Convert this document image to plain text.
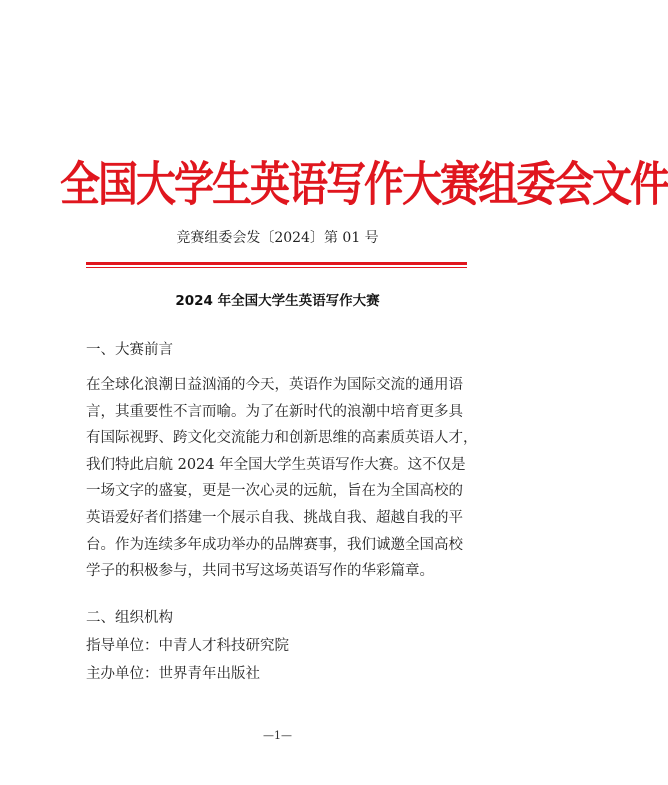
全国大学生英语写作大赛组委会文件
竞赛组委会发〔2024〕第 01 号
2024 年全国大学生英语写作大赛
一、大赛前言
在全球化浪潮日益汹涌的今天，英语作为国际交流的通用语
言，其重要性不言而喻。为了在新时代的浪潮中培育更多具
有国际视野、跨文化交流能力和创新思维的高素质英语人才，
我们特此启航 2024 年全国大学生英语写作大赛。这不仅是
一场文字的盛宴，更是一次心灵的远航，旨在为全国高校的
英语爱好者们搭建一个展示自我、挑战自我、超越自我的平
台。作为连续多年成功举办的品牌赛事，我们诚邀全国高校
学子的积极参与，共同书写这场英语写作的华彩篇章。
二、组织机构
指导单位：中青人才科技研究院
主办单位：世界青年出版社
—1—
